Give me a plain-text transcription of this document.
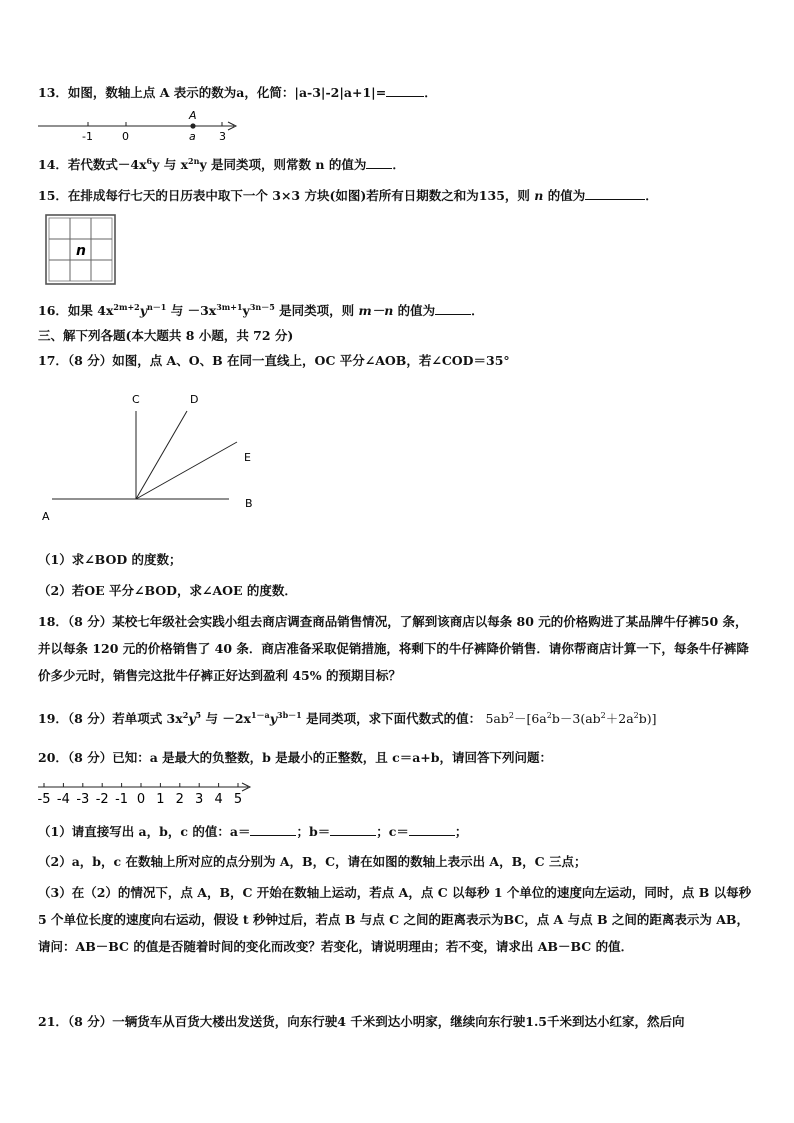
13．如图，数轴上点 A 表示的数为a，化简：|a-3|-2|a+1|=	．
-1	0	3
A
a
14．若代数式$-4x^6y$ 与 $x^{2n}y$ 是同类项，则常数 n 的值为 ．
15．在排成每行七天的日历表中取下一个 3×3 方块(如图)若所有日期数之和为135，则 n 的值为	．
n
16．如果 $4x^{2m+2}y^{n-1}$ 与 $-3x^{3m+1}y^{3n-5}$ 是同类项，则 m－n 的值为	．
三、解下列各题(本大题共 8 小题，共 72 分)
17．（8 分）如图，点 A、O、B 在同一直线上，OC 平分∠AOB，若∠COD＝35°
C	D
E
A
B
（1）求∠BOD 的度数；
（2）若OE 平分∠BOD，求∠AOE 的度数．
18．（8 分）某校七年级社会实践小组去商店调查商品销售情况，了解到该商店以每条 80 元的价格购进了某品牌牛仔裤50 条，并以每条 120 元的价格销售了 40 条．商店准备采取促销措施，将剩下的牛仔裤降价销售．请你帮商店计算一下，每条牛仔裤降价多少元时，销售完这批牛仔裤正好达到盈利 45% 的预期目标？
19．（8 分）若单项式 $3x^2y^5$ 与 $-2x^{1-a}y^{3b-1}$ 是同类项，求下面代数式的值： $5ab^2-[6a^2b-3(ab^2+2a^2b)]$
20．（8 分）已知：a 是最大的负整数，b 是最小的正整数，且 c＝a+b，请回答下列问题：
-5 -4 -3 -2 -1 0 1 2 3 4 5
（1）请直接写出 a，b，c 的值：a＝	；b＝	；c＝	；
（2）a，b，c 在数轴上所对应的点分别为 A，B，C，请在如图的数轴上表示出 A，B，C 三点；
（3）在（2）的情况下，点 A，B，C 开始在数轴上运动，若点 A，点 C 以每秒 1 个单位的速度向左运动，同时，点 B 以每秒 5 个单位长度的速度向右运动，假设 t 秒钟过后，若点 B 与点 C 之间的距离表示为BC，点 A 与点 B 之间的距离表示为 AB，请问：AB－BC 的值是否随着时间的变化而改变？若变化，请说明理由；若不变，请求出 AB－BC 的值．
21．（8 分）一辆货车从百货大楼出发送货，向东行驶4 千米到达小明家，继续向东行驶1.5千米到达小红家，然后向
